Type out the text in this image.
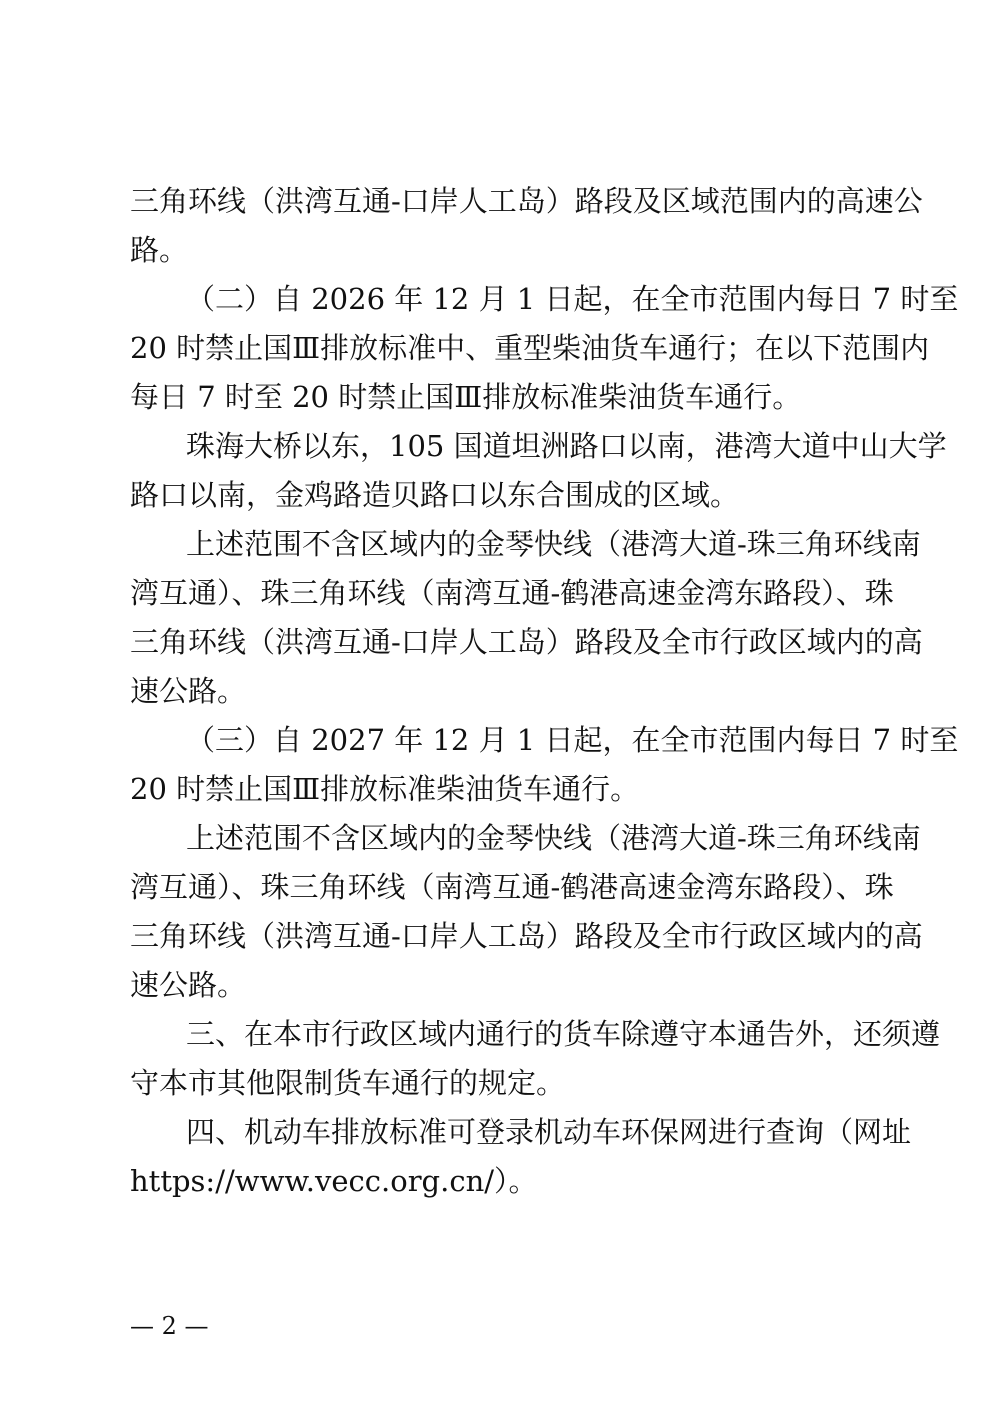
三角环线（洪湾互通-口岸人工岛）路段及区域范围内的高速公
路。
（二）自 2026 年 12 月 1 日起，在全市范围内每日 7 时至
20 时禁止国Ⅲ排放标准中、重型柴油货车通行；在以下范围内
每日 7 时至 20 时禁止国Ⅲ排放标准柴油货车通行。
珠海大桥以东，105 国道坦洲路口以南，港湾大道中山大学
路口以南，金鸡路造贝路口以东合围成的区域。
上述范围不含区域内的金琴快线（港湾大道-珠三角环线南
湾互通）、珠三角环线（南湾互通-鹤港高速金湾东路段）、珠
三角环线（洪湾互通-口岸人工岛）路段及全市行政区域内的高
速公路。
（三）自 2027 年 12 月 1 日起，在全市范围内每日 7 时至
20 时禁止国Ⅲ排放标准柴油货车通行。
上述范围不含区域内的金琴快线（港湾大道-珠三角环线南
湾互通）、珠三角环线（南湾互通-鹤港高速金湾东路段）、珠
三角环线（洪湾互通-口岸人工岛）路段及全市行政区域内的高
速公路。
三、在本市行政区域内通行的货车除遵守本通告外，还须遵
守本市其他限制货车通行的规定。
四、机动车排放标准可登录机动车环保网进行查询（网址
https://www.vecc.org.cn/）。
— 2 —
